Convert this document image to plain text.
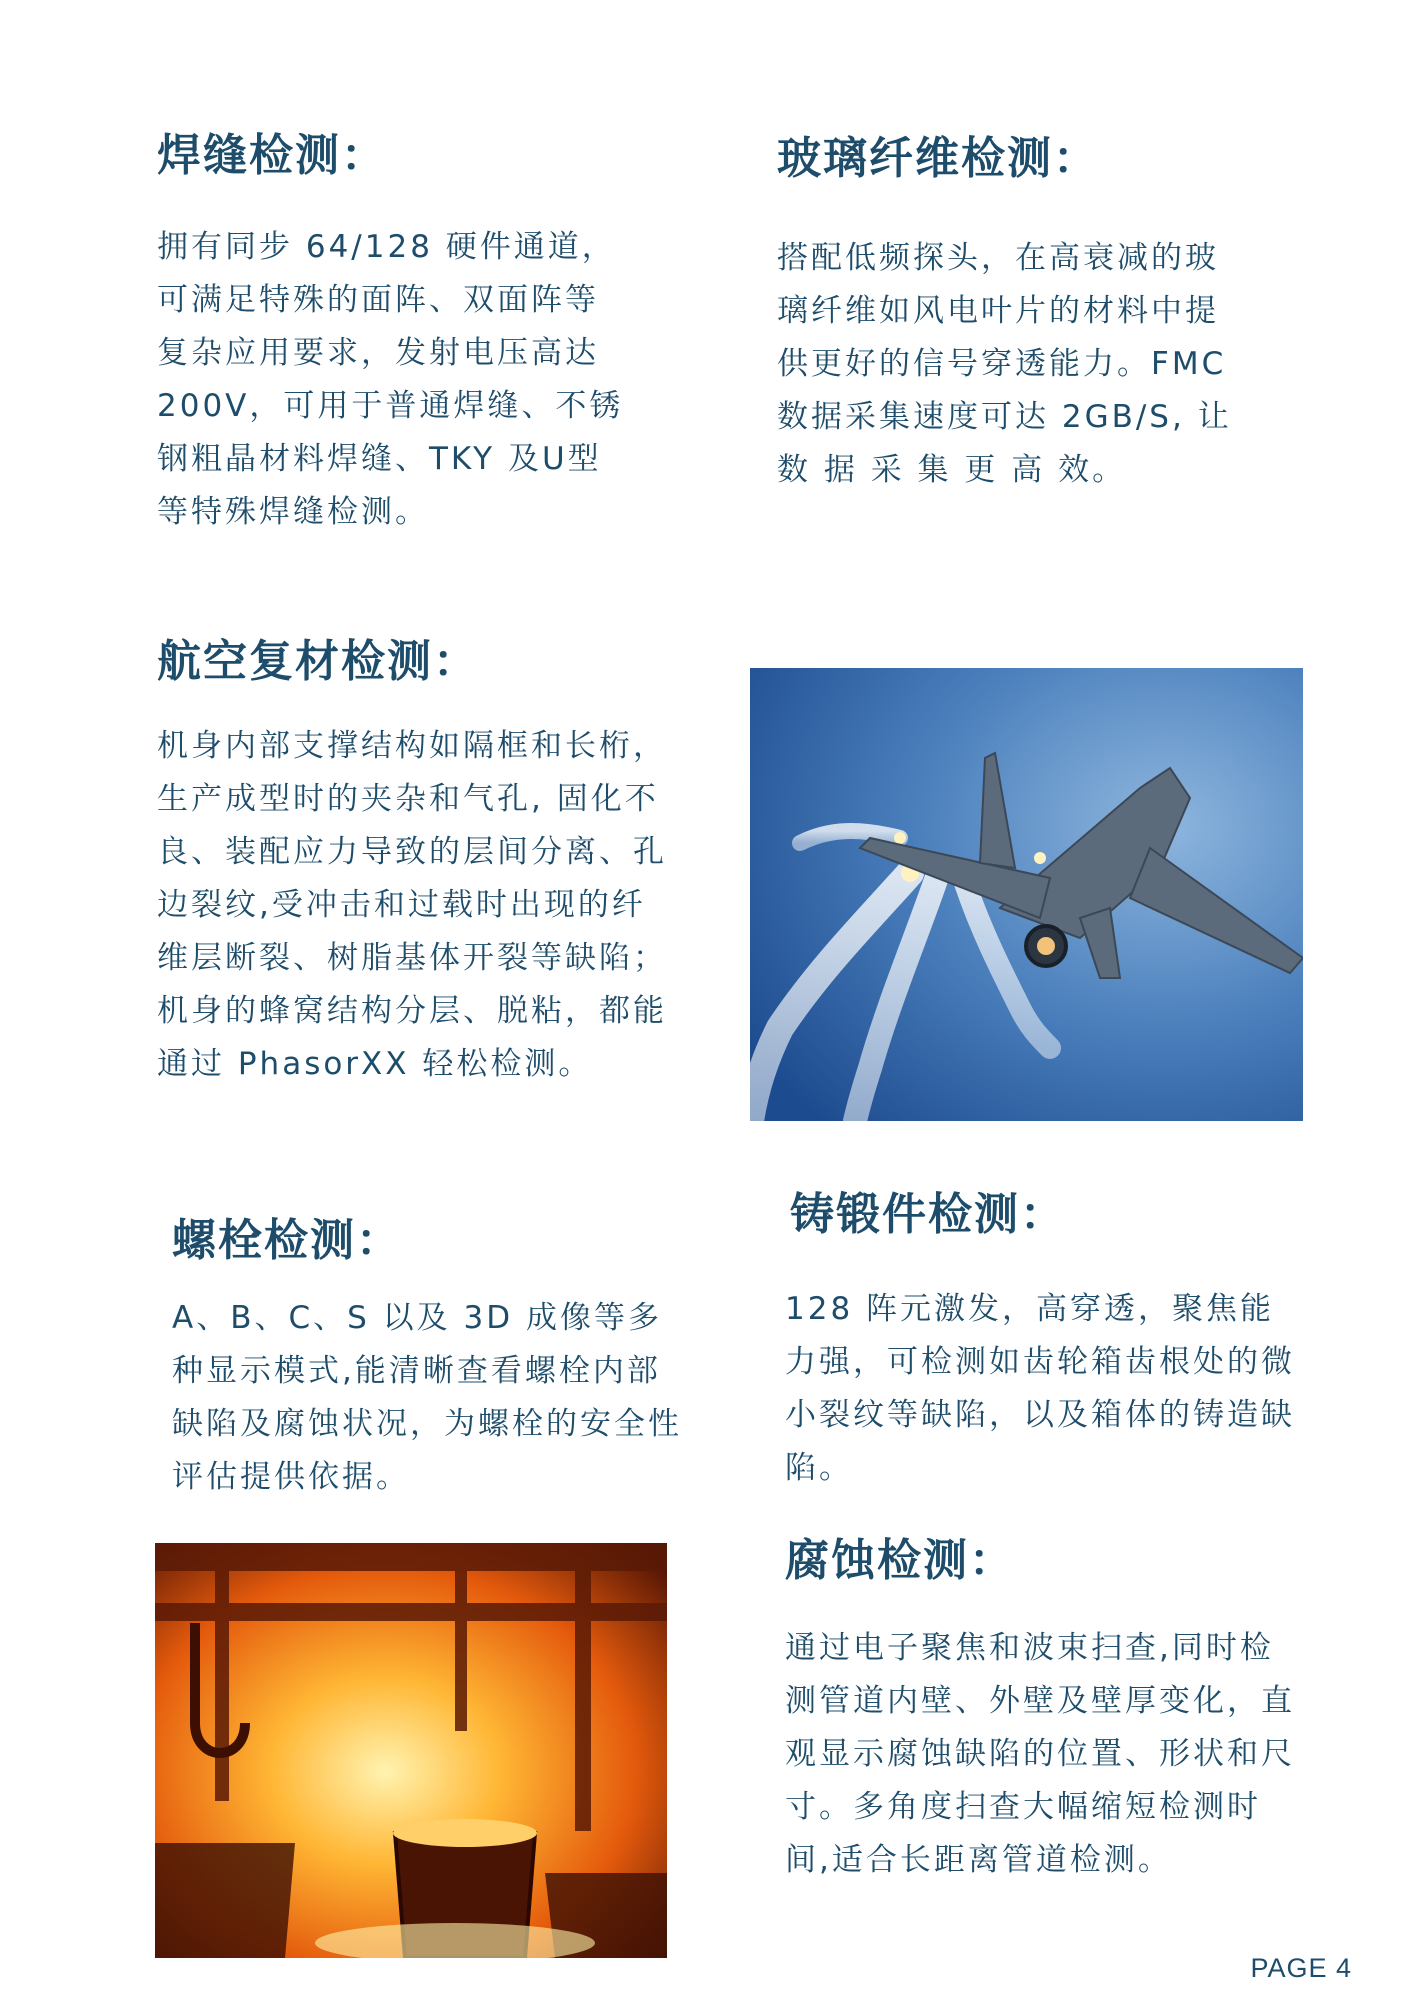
焊缝检测：

拥有同步 64/128 硬件通道，可满足特殊的面阵、双面阵等复杂应用要求，发射电压高达 200V，可用于普通焊缝、不锈钢粗晶材料焊缝、TKY 及U型等特殊焊缝检测。

玻璃纤维检测：

搭配低频探头，在高衰减的玻璃纤维如风电叶片的材料中提供更好的信号穿透能力。FMC数据采集速度可达 2GB/S, 让 数 据 采 集 更 高 效。

航空复材检测：

机身内部支撑结构如隔框和长桁，生产成型时的夹杂和气孔, 固化不良、装配应力导致的层间分离、孔边裂纹,受冲击和过载时出现的纤维层断裂、树脂基体开裂等缺陷；机身的蜂窝结构分层、脱粘，都能通过 PhasorXX 轻松检测。

螺栓检测：

A、B、C、S 以及 3D 成像等多种显示模式,能清晰查看螺栓内部缺陷及腐蚀状况，为螺栓的安全性评估提供依据。

铸锻件检测：

128 阵元激发，高穿透，聚焦能力强，可检测如齿轮箱齿根处的微小裂纹等缺陷，以及箱体的铸造缺陷。

腐蚀检测：

通过电子聚焦和波束扫查,同时检测管道内壁、外壁及壁厚变化，直观显示腐蚀缺陷的位置、形状和尺寸。多角度扫查大幅缩短检测时间,适合长距离管道检测。

PAGE 4
